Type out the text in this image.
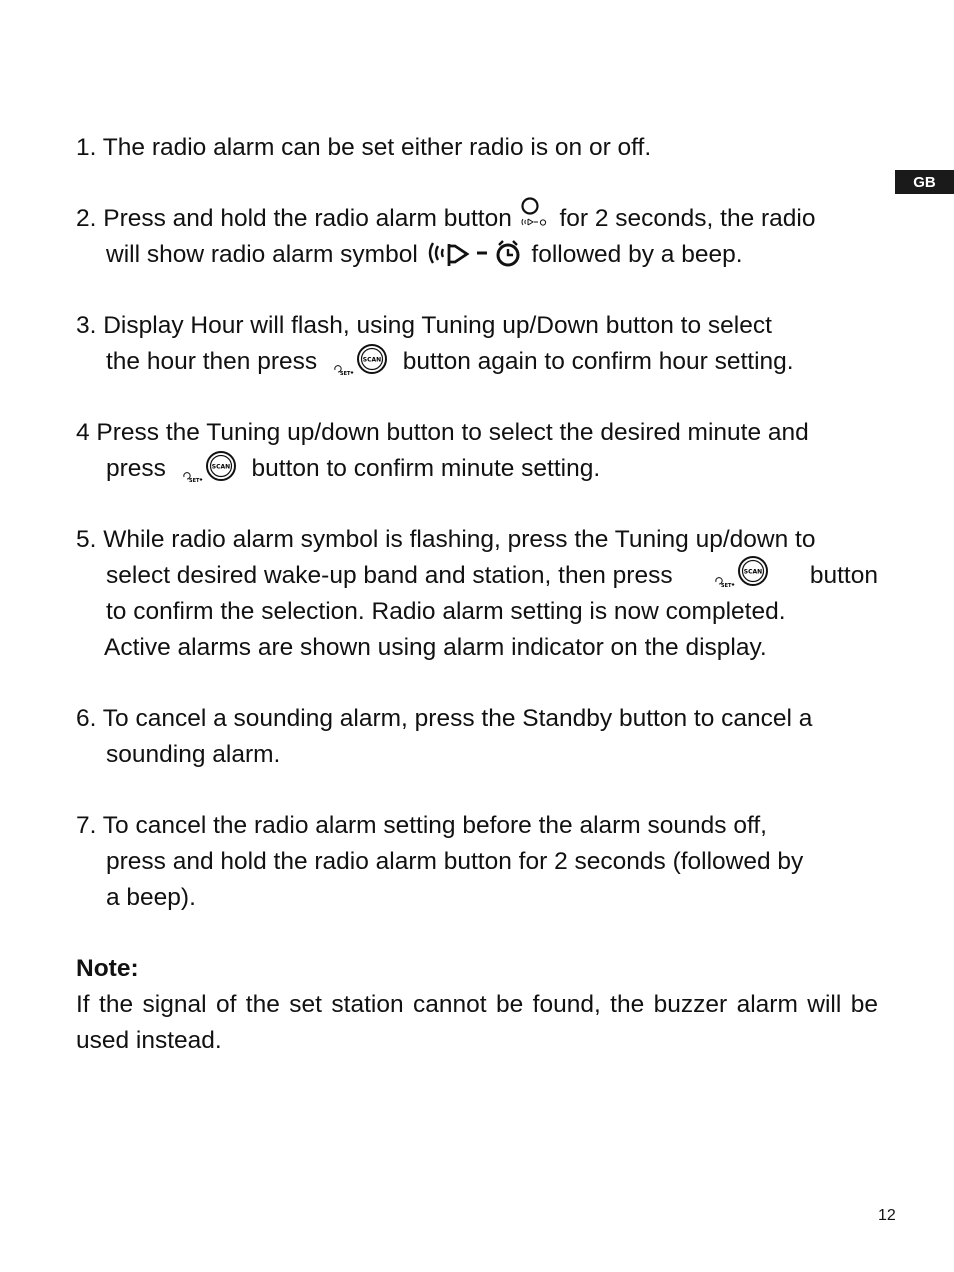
GB
1. The radio alarm can be set either radio is on or off.
2. Press and hold the radio alarm button for 2 seconds, the radio
will show radio alarm symbol	followed by a beep.
3. Display Hour will flash, using Tuning up/Down button to select
the hour then press	SCAN
SET button again to confirm hour setting.
4 Press the Tuning up/down button to select the desired minute and
press	SCAN
SET button to confirm minute setting.
5. While radio alarm symbol is flashing, press the Tuning up/down to
select desired wake-up band and station, then press	SCAN
SET	button
to confirm the selection. Radio alarm setting is now completed.
Active alarms are shown using alarm indicator on the display.
6. To cancel a sounding alarm, press the Standby button to cancel a
sounding alarm.
7. To cancel the radio alarm setting before the alarm sounds off,
press and hold the radio alarm button for 2 seconds (followed by
a beep).
Note:
If the signal of the set station cannot be found, the buzzer alarm will be used instead.
12
